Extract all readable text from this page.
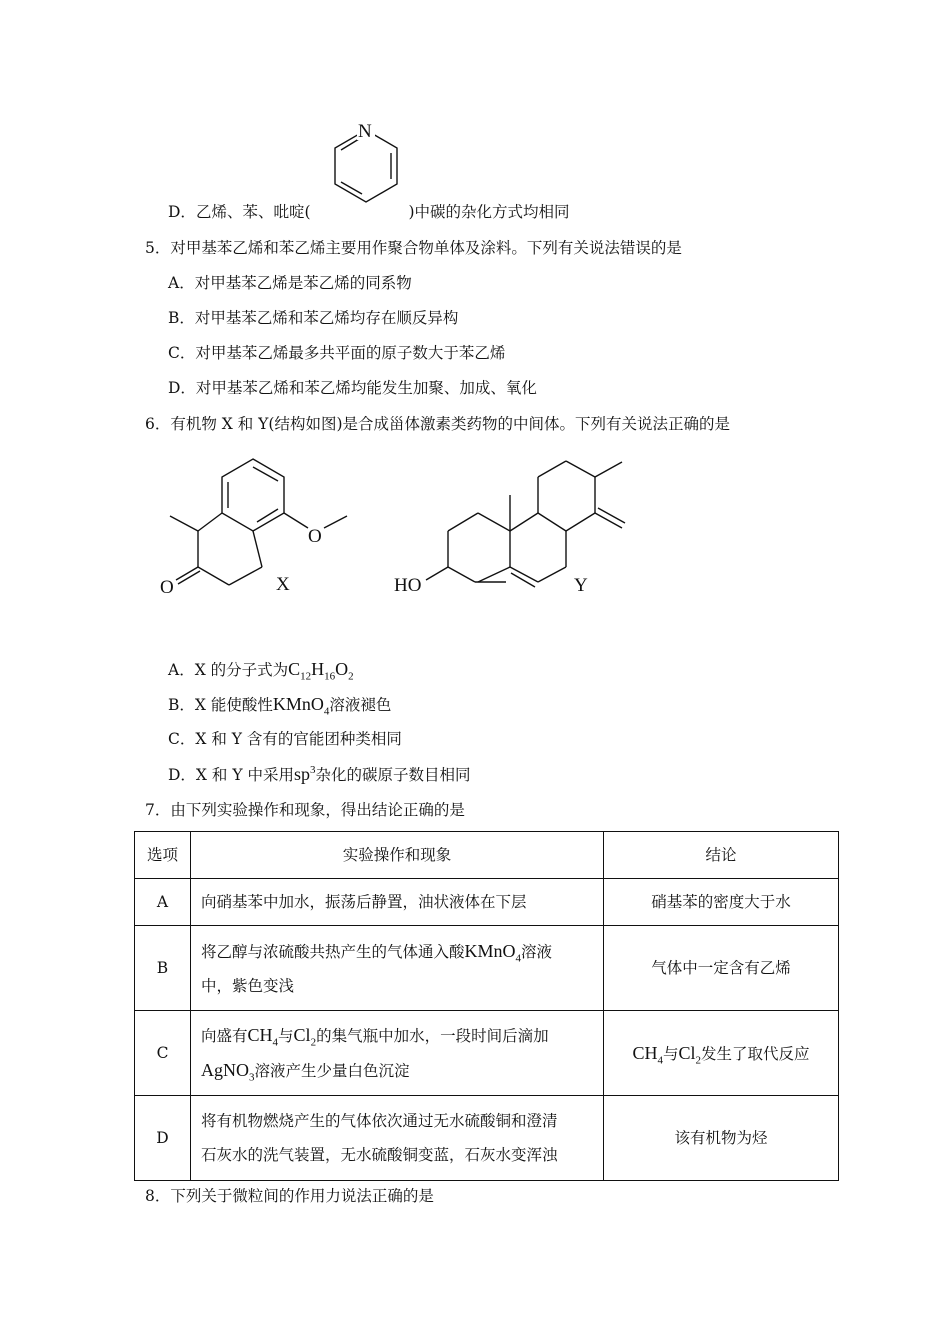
N
D．乙烯、苯、吡啶(	)中碳的杂化方式均相同
5．对甲基苯乙烯和苯乙烯主要用作聚合物单体及涂料。下列有关说法错误的是
A．对甲基苯乙烯是苯乙烯的同系物
B．对甲基苯乙烯和苯乙烯均存在顺反异构
C．对甲基苯乙烯最多共平面的原子数大于苯乙烯
D．对甲基苯乙烯和苯乙烯均能发生加聚、加成、氧化
6．有机物 X 和 Y(结构如图)是合成甾体激素类药物的中间体。下列有关说法正确的是
O
O	X	HO	Y
A．X 的分子式为$C_{12}H_{16}O_2$
B．X 能使酸性KMnO$_4$溶液褪色
C．X 和 Y 含有的官能团种类相同
D．X 和 Y 中采用$sp^3$杂化的碳原子数目相同
7．由下列实验操作和现象，得出结论正确的是
选项	实验操作和现象	结论
A	向硝基苯中加水，振荡后静置，油状液体在下层	硝基苯的密度大于水
B	将乙醇与浓硫酸共热产生的气体通入酸KMnO$_4$溶液
中，紫色变浅	气体中一定含有乙烯
C	向盛有$CH_4$与$Cl_2$的集气瓶中加水，一段时间后滴加
AgNO$_3$溶液产生少量白色沉淀	$CH_4$与$Cl_2$发生了取代反应
D	将有机物燃烧产生的气体依次通过无水硫酸铜和澄清
石灰水的洗气装置，无水硫酸铜变蓝，石灰水变浑浊	该有机物为烃
8．下列关于微粒间的作用力说法正确的是
